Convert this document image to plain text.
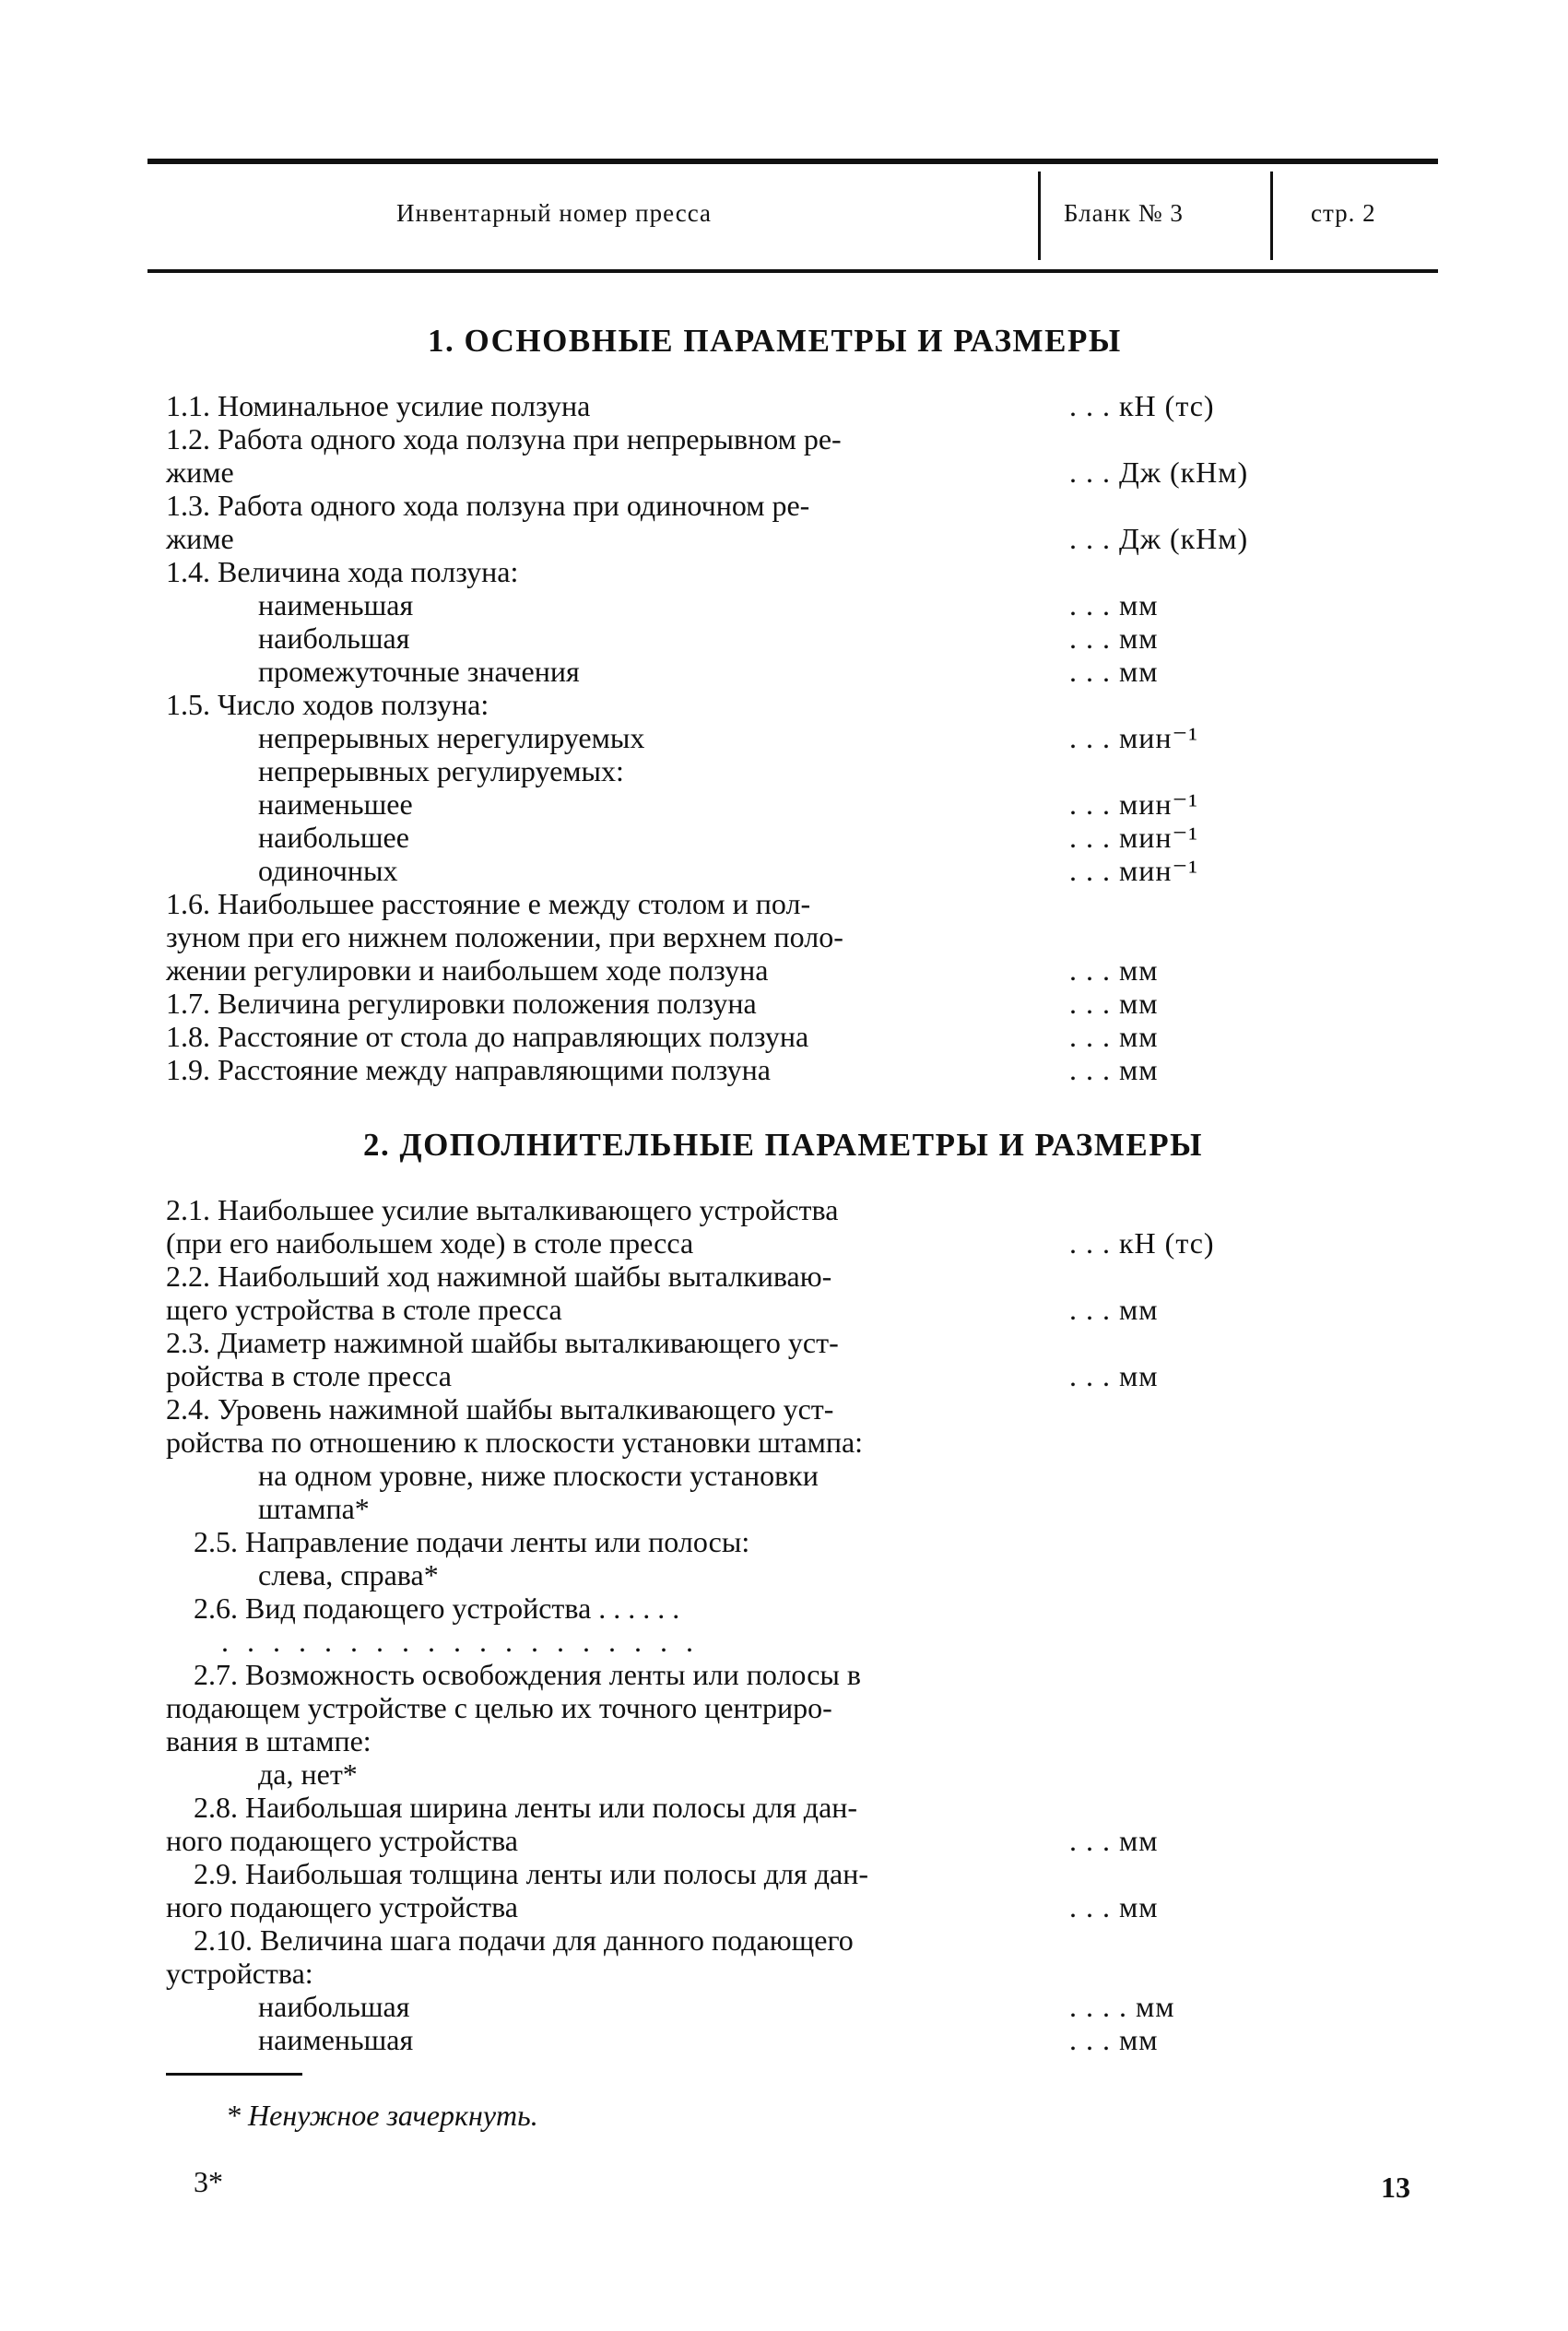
Инвентарный номер пресса	Бланк № 3	стр. 2
1. ОСНОВНЫЕ ПАРАМЕТРЫ И РАЗМЕРЫ
1.1. Номинальное усилие ползуна	. . . кН (тс)
1.2. Работа одного хода ползуна при непрерывном ре-
жиме	. . . Дж (кНм)
1.3. Работа одного хода ползуна при одиночном ре-
жиме	. . . Дж (кНм)
1.4. Величина хода ползуна:
наименьшая	. . . мм
наибольшая	. . . мм
промежуточные значения	. . . мм
1.5. Число ходов ползуна:
непрерывных нерегулируемых	. . . мин⁻¹
непрерывных регулируемых:
наименьшее	. . . мин⁻¹
наибольшее	. . . мин⁻¹
одиночных	. . . мин⁻¹
1.6. Наибольшее расстояние e между столом и пол-
зуном при его нижнем положении, при верхнем поло-
жении регулировки и наибольшем ходе ползуна	. . . мм
1.7. Величина регулировки положения ползуна	. . . мм
1.8. Расстояние от стола до направляющих ползуна	. . . мм
1.9. Расстояние между направляющими ползуна	. . . мм
2. ДОПОЛНИТЕЛЬНЫЕ ПАРАМЕТРЫ И РАЗМЕРЫ
2.1. Наибольшее усилие выталкивающего устройства
(при его наибольшем ходе) в столе пресса	. . . кН (тс)
2.2. Наибольший ход нажимной шайбы выталкиваю-
щего устройства в столе пресса	. . . мм
2.3. Диаметр нажимной шайбы выталкивающего уст-
ройства в столе пресса	. . . мм
2.4. Уровень нажимной шайбы выталкивающего уст-
ройства по отношению к плоскости установки штампа:
на одном уровне, ниже плоскости установки
штампа*
2.5. Направление подачи ленты или полосы:
слева, справа*
2.6. Вид подающего устройства . . . . . .
. . . . . . . . . . . . . . . . . . .
2.7. Возможность освобождения ленты или полосы в
подающем устройстве с целью их точного центриро-
вания в штампе:
да, нет*
2.8. Наибольшая ширина ленты или полосы для дан-
ного подающего устройства	. . . мм
2.9. Наибольшая толщина ленты или полосы для дан-
ного подающего устройства	. . . мм
2.10. Величина шага подачи для данного подающего
устройства:
наибольшая	. . . . мм
наименьшая	. . . мм
* Ненужное зачеркнуть.
3*	13
